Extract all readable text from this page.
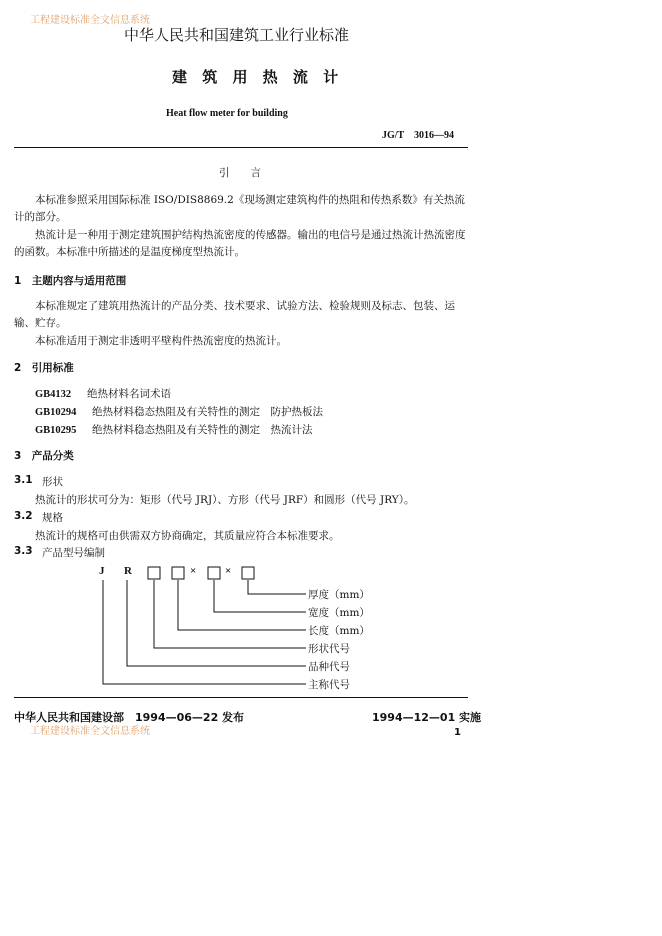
工程建设标准全文信息系统
工程建设标准全文信息系统
中华人民共和国建筑工业行业标准
建 筑 用 热 流 计
Heat flow meter for building
JG/T　3016—94
引　　言
本标准参照采用国际标准 ISO/DIS8869.2《现场测定建筑构件的热阻和传热系数》有关热流计的部分。
热流计是一种用于测定建筑围护结构热流密度的传感器。输出的电信号是通过热流计热流密度的函数。本标准中所描述的是温度梯度型热流计。
1　主题内容与适用范围
本标准规定了建筑用热流计的产品分类、技术要求、试验方法、检验规则及标志、包装、运输、贮存。
本标准适用于测定非透明平壁构件热流密度的热流计。
2　引用标准
GB4132 绝热材料名词术语
GB10294 绝热材料稳态热阻及有关特性的测定　防护热板法
GB10295 绝热材料稳态热阻及有关特性的测定　热流计法
3　产品分类
3.1 形状
热流计的形状可分为：矩形（代号 JRJ）、方形（代号 JRF）和圆形（代号 JRY）。
3.2 规格
热流计的规格可由供需双方协商确定，其质量应符合本标准要求。
3.3 产品型号编制
J R	×	×
厚度（mm）
宽度（mm）
长度（mm）
形状代号
品种代号
主称代号
中华人民共和国建设部　1994—06—22 发布	1994—12—01 实施
1
